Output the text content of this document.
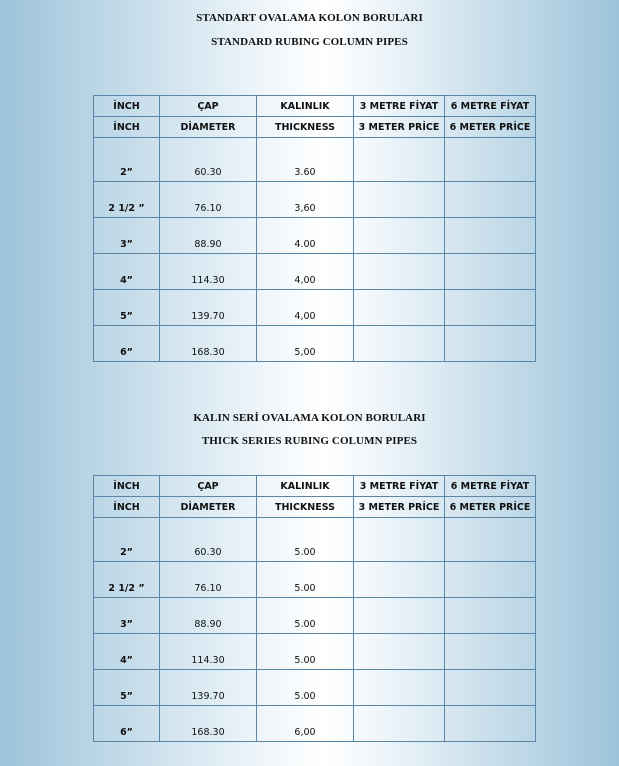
STANDART OVALAMA KOLON BORULARI
STANDARD RUBING COLUMN PIPES
İNCH	ÇAP	KALINLIK	3 METRE FİYAT	6 METRE FİYAT
İNCH	DİAMETER	THICKNESS	3 METER PRİCE	6 METER PRİCE
2”	60.30	3.60		
2 1/2 ”	76.10	3,60		
3”	88.90	4.00		
4”	114.30	4,00		
5”	139.70	4,00		
6”	168.30	5,00		
KALIN SERİ OVALAMA KOLON BORULARI
THICK SERIES RUBING COLUMN PIPES
İNCH	ÇAP	KALINLIK	3 METRE FİYAT	6 METRE FİYAT
İNCH	DİAMETER	THICKNESS	3 METER PRİCE	6 METER PRİCE
2”	60.30	5.00		
2 1/2 ”	76.10	5.00		
3”	88.90	5.00		
4”	114.30	5.00		
5”	139.70	5.00		
6”	168.30	6,00		
